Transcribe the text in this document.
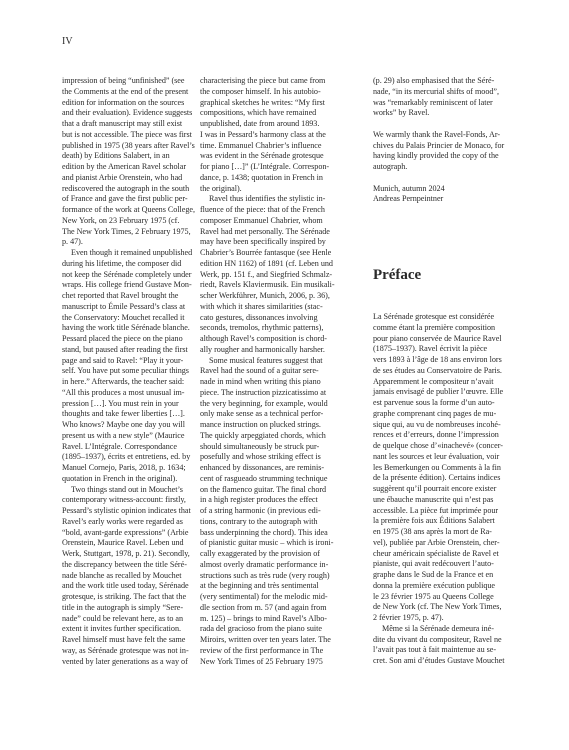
IV
impression of being “unfinished” (see
the Comments at the end of the present
edition for information on the sources
and their evaluation). Evidence suggests
that a draft manuscript may still exist
but is not accessible. The piece was first
published in 1975 (38 years after Ravel’s
death) by Editions Salabert, in an
edition by the American Ravel scholar
and pianist Arbie Orenstein, who had
rediscovered the autograph in the south
of France and gave the first public per-
formance of the work at Queens College,
New York, on 23 February 1975 (cf.
The New York Times, 2 February 1975,
p. 47).
Even though it remained unpublished
during his lifetime, the composer did
not keep the Sérénade completely under
wraps. His college friend Gustave Mon-
chet reported that Ravel brought the
manuscript to Émile Pessard’s class at
the Conservatory: Mouchet recalled it
having the work title Sérénade blanche.
Pessard placed the piece on the piano
stand, but paused after reading the first
page and said to Ravel: “Play it your-
self. You have put some peculiar things
in here.” Afterwards, the teacher said:
“All this produces a most unusual im-
pression […]. You must rein in your
thoughts and take fewer liberties […].
Who knows? Maybe one day you will
present us with a new style” (Maurice
Ravel. L’Intégrale. Correspondance
(1895–1937), écrits et entretiens, ed. by
Manuel Cornejo, Paris, 2018, p. 1634;
quotation in French in the original).
Two things stand out in Mouchet’s
contemporary witness-account: firstly,
Pessard’s stylistic opinion indicates that
Ravel’s early works were regarded as
“bold, avant-garde expressions” (Arbie
Orenstein, Maurice Ravel. Leben und
Werk, Stuttgart, 1978, p. 21). Secondly,
the discrepancy between the title Séré-
nade blanche as recalled by Mouchet
and the work title used today, Sérénade
grotesque, is striking. The fact that the
title in the autograph is simply “Sere-
nade” could be relevant here, as to an
extent it invites further specification.
Ravel himself must have felt the same
way, as Sérénade grotesque was not in-
vented by later generations as a way of
characterising the piece but came from
the composer himself. In his autobio-
graphical sketches he writes: “My first
compositions, which have remained
unpublished, date from around 1893.
I was in Pessard’s harmony class at the
time. Emmanuel Chabrier’s influence
was evident in the Sérénade grotesque
for piano […]” (L’Intégrale. Correspon-
dance, p. 1438; quotation in French in
the original).
Ravel thus identifies the stylistic in-
fluence of the piece: that of the French
composer Emmanuel Chabrier, whom
Ravel had met personally. The Sérénade
may have been specifically inspired by
Chabrier’s Bourrée fantasque (see Henle
edition HN 1162) of 1891 (cf. Leben und
Werk, pp. 151 f., and Siegfried Schmalz-
riedt, Ravels Klaviermusik. Ein musikali-
scher Werkführer, Munich, 2006, p. 36),
with which it shares similarities (stac-
cato gestures, dissonances involving
seconds, tremolos, rhythmic patterns),
although Ravel’s composition is chord-
ally rougher and harmonically harsher.
Some musical features suggest that
Ravel had the sound of a guitar sere-
nade in mind when writing this piano
piece. The instruction pizzicatissimo at
the very beginning, for example, would
only make sense as a technical perfor-
mance instruction on plucked strings.
The quickly arpeggiated chords, which
should simultaneously be struck pur-
posefully and whose striking effect is
enhanced by dissonances, are reminis-
cent of rasgueado strumming technique
on the flamenco guitar. The final chord
in a high register produces the effect
of a string harmonic (in previous edi-
tions, contrary to the autograph with
bass underpinning the chord). This idea
of pianistic guitar music – which is ironi-
cally exaggerated by the provision of
almost overly dramatic performance in-
structions such as très rude (very rough)
at the beginning and très sentimental
(very sentimental) for the melodic mid-
dle section from m. 57 (and again from
m. 125) – brings to mind Ravel’s Albo-
rada del gracioso from the piano suite
Miroirs, written over ten years later. The
review of the first performance in The
New York Times of 25 February 1975
(p. 29) also emphasised that the Séré-
nade, “in its mercurial shifts of mood”,
was “remarkably reminiscent of later
works” by Ravel.
We warmly thank the Ravel-Fonds, Ar-
chives du Palais Princier de Monaco, for
having kindly provided the copy of the
autograph.
Munich, autumn 2024
Andreas Pernpeintner
Préface
La Sérénade grotesque est considérée
comme étant la première composition
pour piano conservée de Maurice Ravel
(1875–1937). Ravel écrivit la pièce
vers 1893 à l’âge de 18 ans environ lors
de ses études au Conservatoire de Paris.
Apparemment le compositeur n’avait
jamais envisagé de publier l’œuvre. Elle
est parvenue sous la forme d’un auto-
graphe comprenant cinq pages de mu-
sique qui, au vu de nombreuses incohé-
rences et d’erreurs, donne l’impression
de quelque chose d’«inachevé» (concer-
nant les sources et leur évaluation, voir
les Bemerkungen ou Comments à la fin
de la présente édition). Certains indices
suggèrent qu’il pourrait encore exister
une ébauche manuscrite qui n’est pas
accessible. La pièce fut imprimée pour
la première fois aux Éditions Salabert
en 1975 (38 ans après la mort de Ra-
vel), publiée par Arbie Orenstein, cher-
cheur américain spécialiste de Ravel et
pianiste, qui avait redécouvert l’auto-
graphe dans le Sud de la France et en
donna la première exécution publique
le 23 février 1975 au Queens College
de New York (cf. The New York Times,
2 février 1975, p. 47).
Même si la Sérénade demeura iné-
dite du vivant du compositeur, Ravel ne
l’avait pas tout à fait maintenue au se-
cret. Son ami d’études Gustave Mouchet
